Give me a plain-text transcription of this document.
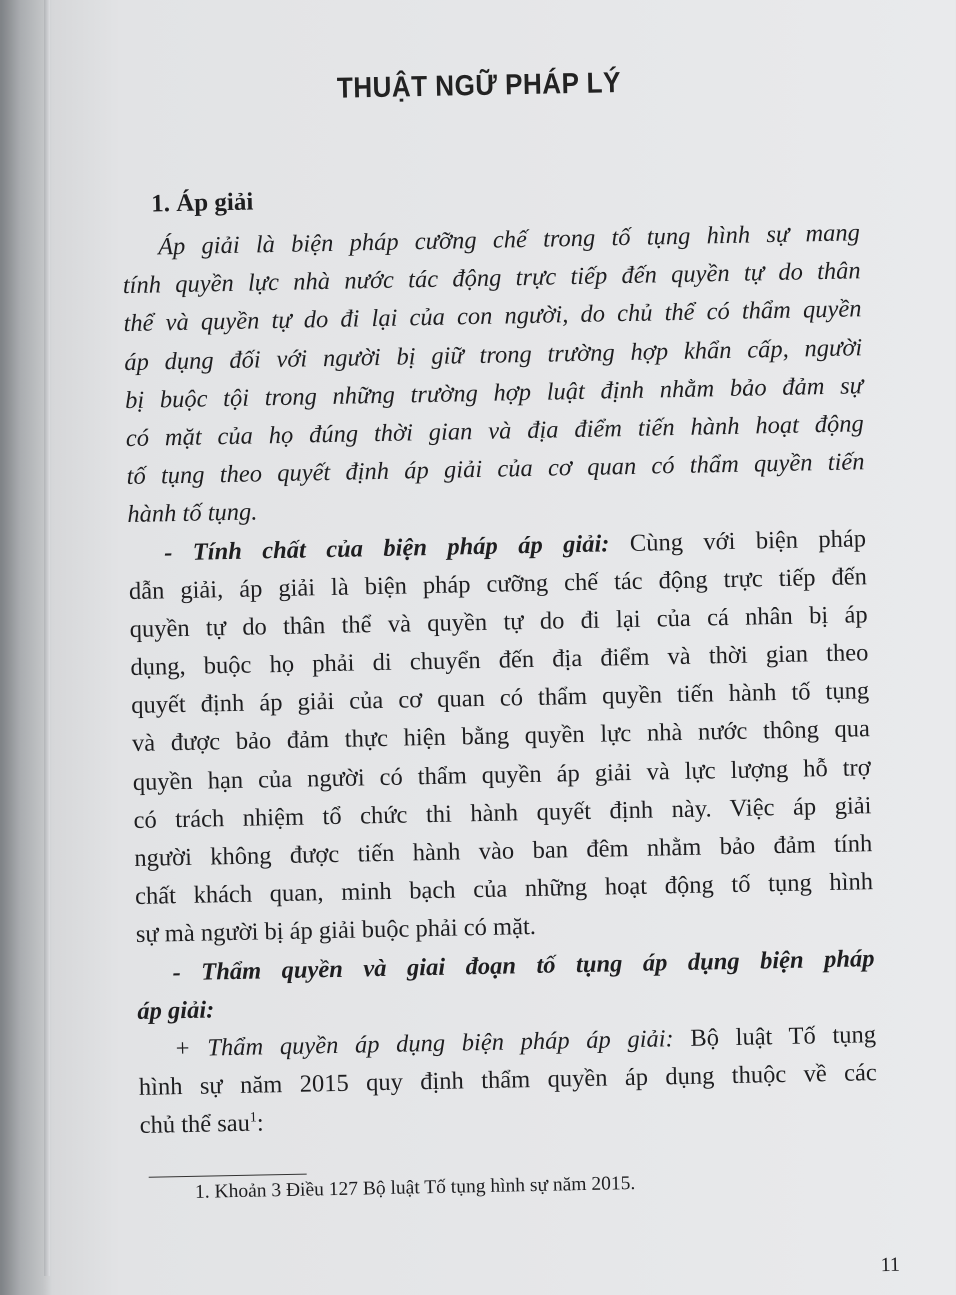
THUẬT NGỮ PHÁP LÝ
1. Áp giải
Áp giải là biện pháp cưỡng chế trong tố tụng hình sự mang
tính quyền lực nhà nước tác động trực tiếp đến quyền tự do thân
thể và quyền tự do đi lại của con người, do chủ thể có thẩm quyền
áp dụng đối với người bị giữ trong trường hợp khẩn cấp, người
bị buộc tội trong những trường hợp luật định nhằm bảo đảm sự
có mặt của họ đúng thời gian và địa điểm tiến hành hoạt động
tố tụng theo quyết định áp giải của cơ quan có thẩm quyền tiến
hành tố tụng.
- Tính chất của biện pháp áp giải: Cùng với biện pháp
dẫn giải, áp giải là biện pháp cưỡng chế tác động trực tiếp đến
quyền tự do thân thể và quyền tự do đi lại của cá nhân bị áp
dụng, buộc họ phải di chuyển đến địa điểm và thời gian theo
quyết định áp giải của cơ quan có thẩm quyền tiến hành tố tụng
và được bảo đảm thực hiện bằng quyền lực nhà nước thông qua
quyền hạn của người có thẩm quyền áp giải và lực lượng hỗ trợ
có trách nhiệm tổ chức thi hành quyết định này. Việc áp giải
người không được tiến hành vào ban đêm nhằm bảo đảm tính
chất khách quan, minh bạch của những hoạt động tố tụng hình
sự mà người bị áp giải buộc phải có mặt.
- Thẩm quyền và giai đoạn tố tụng áp dụng biện pháp
áp giải:
+ Thẩm quyền áp dụng biện pháp áp giải: Bộ luật Tố tụng
hình sự năm 2015 quy định thẩm quyền áp dụng thuộc về các
chủ thể sau$^1$:
1. Khoản 3 Điều 127 Bộ luật Tố tụng hình sự năm 2015.
11
